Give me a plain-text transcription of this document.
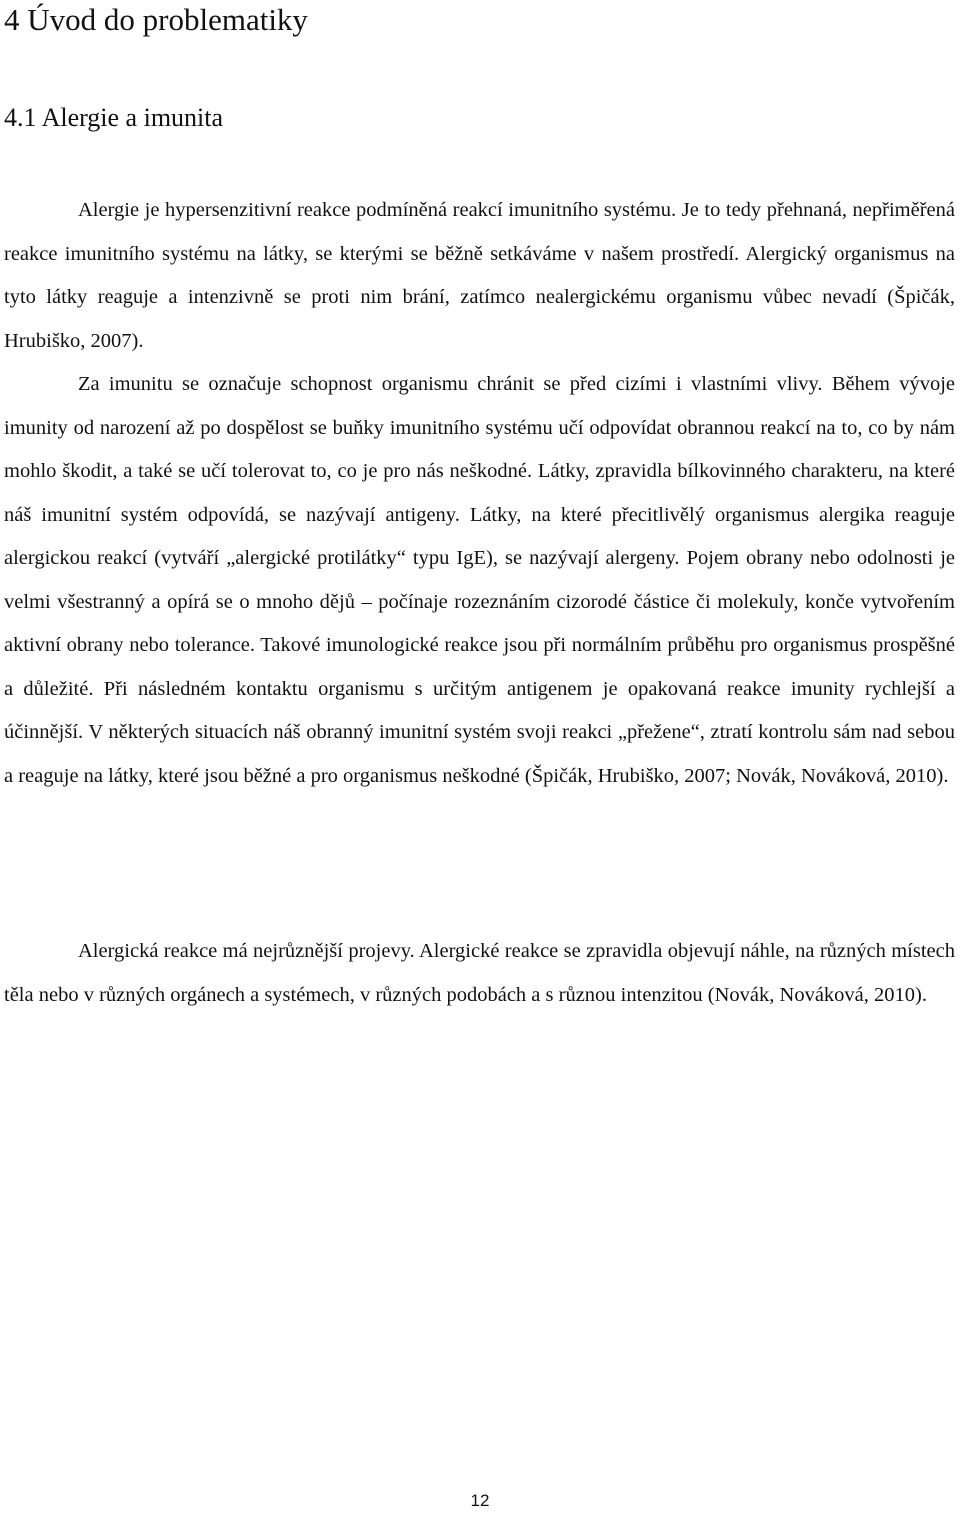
4 Úvod do problematiky
4.1 Alergie a imunita

Alergie je hypersenzitivní reakce podmíněná reakcí imunitního systému. Je to tedy přehnaná, nepřiměřená reakce imunitního systému na látky, se kterými se běžně setkáváme v našem prostředí. Alergický organismus na tyto látky reaguje a intenzivně se proti nim brání, zatímco nealergickému organismu vůbec nevadí (Špičák, Hrubiško, 2007).
Za imunitu se označuje schopnost organismu chránit se před cizími i vlastními vlivy. Během vývoje imunity od narození až po dospělost se buňky imunitního systému učí odpovídat obrannou reakcí na to, co by nám mohlo škodit, a také se učí tolerovat to, co je pro nás neškodné. Látky, zpravidla bílkovinného charakteru, na které náš imunitní systém odpovídá, se nazývají antigeny. Látky, na které přecitlivělý organismus alergika reaguje alergickou reakcí (vytváří „alergické protilátky“ typu IgE), se nazývají alergeny. Pojem obrany nebo odolnosti je velmi všestranný a opírá se o mnoho dějů – počínaje rozeznáním cizorodé částice či molekuly, konče vytvořením aktivní obrany nebo tolerance. Takové imunologické reakce jsou při normálním průběhu pro organismus prospěšné a důležité. Při následném kontaktu organismu s určitým antigenem je opakovaná reakce imunity rychlejší a účinnější. V některých situacích náš obranný imunitní systém svoji reakci „přežene“, ztratí kontrolu sám nad sebou a reaguje na látky, které jsou běžné a pro organismus neškodné (Špičák, Hrubiško, 2007; Novák, Nováková, 2010).

Alergická reakce má nejrůznější projevy. Alergické reakce se zpravidla objevují náhle, na různých místech těla nebo v různých orgánech a systémech, v různých podobách a s různou intenzitou (Novák, Nováková, 2010).

12
